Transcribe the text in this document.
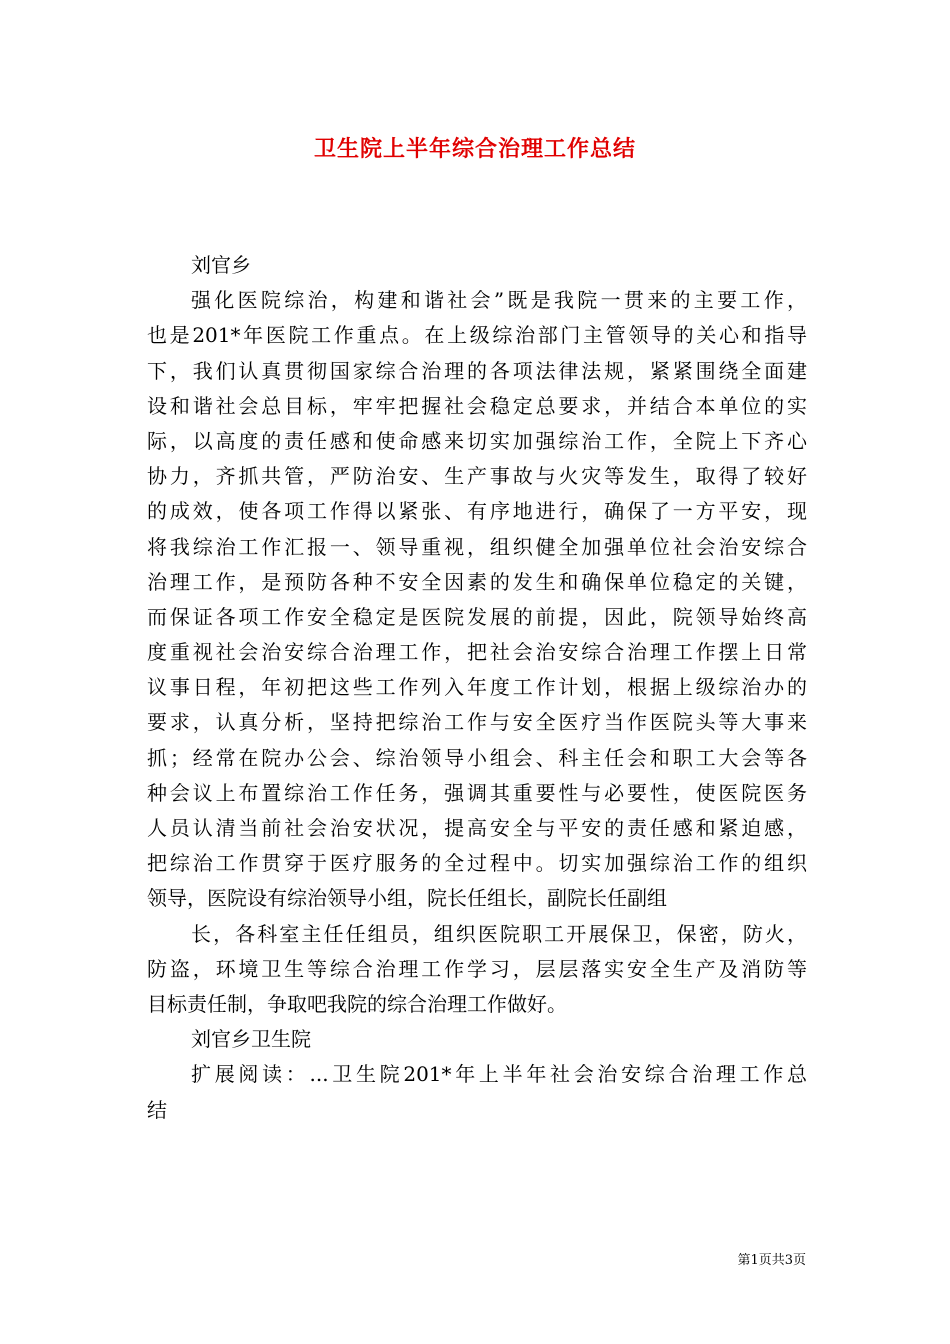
卫生院上半年综合治理工作总结
刘官乡
强化医院综治，构建和谐社会”既是我院一贯来的主要工作，
也是201*年医院工作重点。在上级综治部门主管领导的关心和指导
下，我们认真贯彻国家综合治理的各项法律法规，紧紧围绕全面建
设和谐社会总目标，牢牢把握社会稳定总要求，并结合本单位的实
际，以高度的责任感和使命感来切实加强综治工作，全院上下齐心
协力，齐抓共管，严防治安、生产事故与火灾等发生，取得了较好
的成效，使各项工作得以紧张、有序地进行，确保了一方平安，现
将我综治工作汇报一、领导重视，组织健全加强单位社会治安综合
治理工作，是预防各种不安全因素的发生和确保单位稳定的关键，
而保证各项工作安全稳定是医院发展的前提，因此，院领导始终高
度重视社会治安综合治理工作，把社会治安综合治理工作摆上日常
议事日程，年初把这些工作列入年度工作计划，根据上级综治办的
要求，认真分析，坚持把综治工作与安全医疗当作医院头等大事来
抓；经常在院办公会、综治领导小组会、科主任会和职工大会等各
种会议上布置综治工作任务，强调其重要性与必要性，使医院医务
人员认清当前社会治安状况，提高安全与平安的责任感和紧迫感，
把综治工作贯穿于医疗服务的全过程中。切实加强综治工作的组织
领导，医院设有综治领导小组，院长任组长，副院长任副组
长，各科室主任任组员，组织医院职工开展保卫，保密，防火，
防盗，环境卫生等综合治理工作学习，层层落实安全生产及消防等
目标责任制，争取吧我院的综合治理工作做好。
刘官乡卫生院
扩展阅读：...卫生院201*年上半年社会治安综合治理工作总
结
第1页共3页
